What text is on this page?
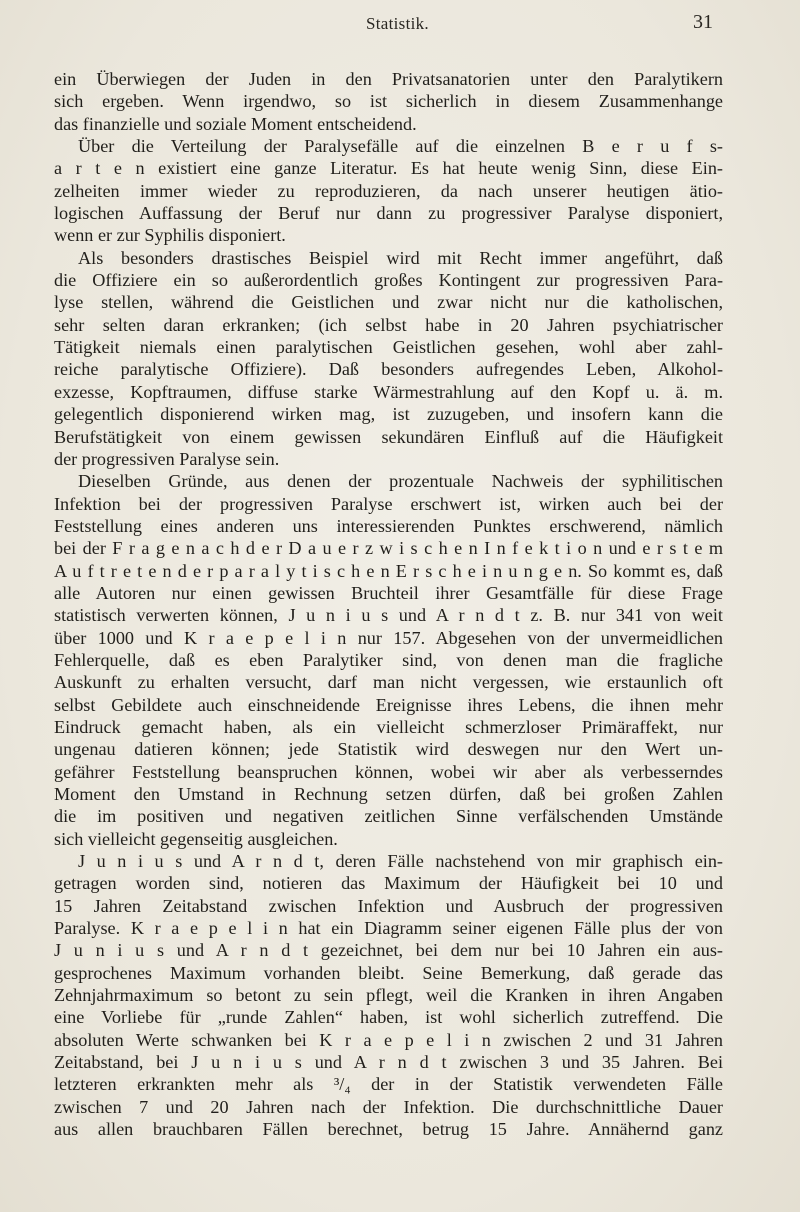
Statistik.	31
ein Überwiegen der Juden in den Privatsanatorien unter den Paralytikern
sich ergeben. Wenn irgendwo, so ist sicherlich in diesem Zusammenhange
das finanzielle und soziale Moment entscheidend.
Über die Verteilung der Paralysefälle auf die einzelnen B e r u f s-
a r t e n existiert eine ganze Literatur. Es hat heute wenig Sinn, diese Ein-
zelheiten immer wieder zu reproduzieren, da nach unserer heutigen ätio-
logischen Auffassung der Beruf nur dann zu progressiver Paralyse disponiert,
wenn er zur Syphilis disponiert.
Als besonders drastisches Beispiel wird mit Recht immer angeführt, daß
die Offiziere ein so außerordentlich großes Kontingent zur progressiven Para-
lyse stellen, während die Geistlichen und zwar nicht nur die katholischen,
sehr selten daran erkranken; (ich selbst habe in 20 Jahren psychiatrischer
Tätigkeit niemals einen paralytischen Geistlichen gesehen, wohl aber zahl-
reiche paralytische Offiziere). Daß besonders aufregendes Leben, Alkohol-
exzesse, Kopftraumen, diffuse starke Wärmestrahlung auf den Kopf u. ä. m.
gelegentlich disponierend wirken mag, ist zuzugeben, und insofern kann die
Berufstätigkeit von einem gewissen sekundären Einfluß auf die Häufigkeit
der progressiven Paralyse sein.
Dieselben Gründe, aus denen der prozentuale Nachweis der syphilitischen
Infektion bei der progressiven Paralyse erschwert ist, wirken auch bei der
Feststellung eines anderen uns interessierenden Punktes erschwerend, nämlich
bei der F r a g e n a c h d e r D a u e r z w i s c h e n I n f e k t i o n und e r s t e m
A u f t r e t e n d e r p a r a l y t i s c h e n E r s c h e i n u n g e n. So kommt es, daß
alle Autoren nur einen gewissen Bruchteil ihrer Gesamtfälle für diese Frage
statistisch verwerten können, J u n i u s und A r n d t z. B. nur 341 von weit
über 1000 und K r a e p e l i n nur 157. Abgesehen von der unvermeidlichen
Fehlerquelle, daß es eben Paralytiker sind, von denen man die fragliche
Auskunft zu erhalten versucht, darf man nicht vergessen, wie erstaunlich oft
selbst Gebildete auch einschneidende Ereignisse ihres Lebens, die ihnen mehr
Eindruck gemacht haben, als ein vielleicht schmerzloser Primäraffekt, nur
ungenau datieren können; jede Statistik wird deswegen nur den Wert un-
gefährer Feststellung beanspruchen können, wobei wir aber als verbesserndes
Moment den Umstand in Rechnung setzen dürfen, daß bei großen Zahlen
die im positiven und negativen zeitlichen Sinne verfälschenden Umstände
sich vielleicht gegenseitig ausgleichen.
J u n i u s und A r n d t, deren Fälle nachstehend von mir graphisch ein-
getragen worden sind, notieren das Maximum der Häufigkeit bei 10 und
15 Jahren Zeitabstand zwischen Infektion und Ausbruch der progressiven
Paralyse. K r a e p e l i n hat ein Diagramm seiner eigenen Fälle plus der von
J u n i u s und A r n d t gezeichnet, bei dem nur bei 10 Jahren ein aus-
gesprochenes Maximum vorhanden bleibt. Seine Bemerkung, daß gerade das
Zehnjahrmaximum so betont zu sein pflegt, weil die Kranken in ihren Angaben
eine Vorliebe für „runde Zahlen“ haben, ist wohl sicherlich zutreffend. Die
absoluten Werte schwanken bei K r a e p e l i n zwischen 2 und 31 Jahren
Zeitabstand, bei J u n i u s und A r n d t zwischen 3 und 35 Jahren. Bei
letzteren erkrankten mehr als ³/₄ der in der Statistik verwendeten Fälle
zwischen 7 und 20 Jahren nach der Infektion. Die durchschnittliche Dauer
aus allen brauchbaren Fällen berechnet, betrug 15 Jahre. Annähernd ganz
